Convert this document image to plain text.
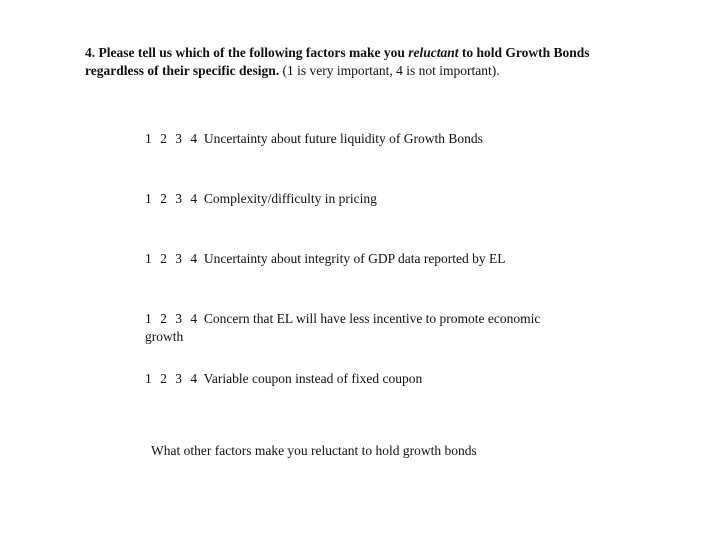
4. Please tell us which of the following factors make you reluctant to hold Growth Bonds regardless of their specific design. (1 is very important, 4 is not important).
1 2 3 4 Uncertainty about future liquidity of Growth Bonds
1 2 3 4 Complexity/difficulty in pricing
1 2 3 4 Uncertainty about integrity of GDP data reported by EL
1 2 3 4 Concern that EL will have less incentive to promote economic growth
1 2 3 4 Variable coupon instead of fixed coupon
What other factors make you reluctant to hold growth bonds
